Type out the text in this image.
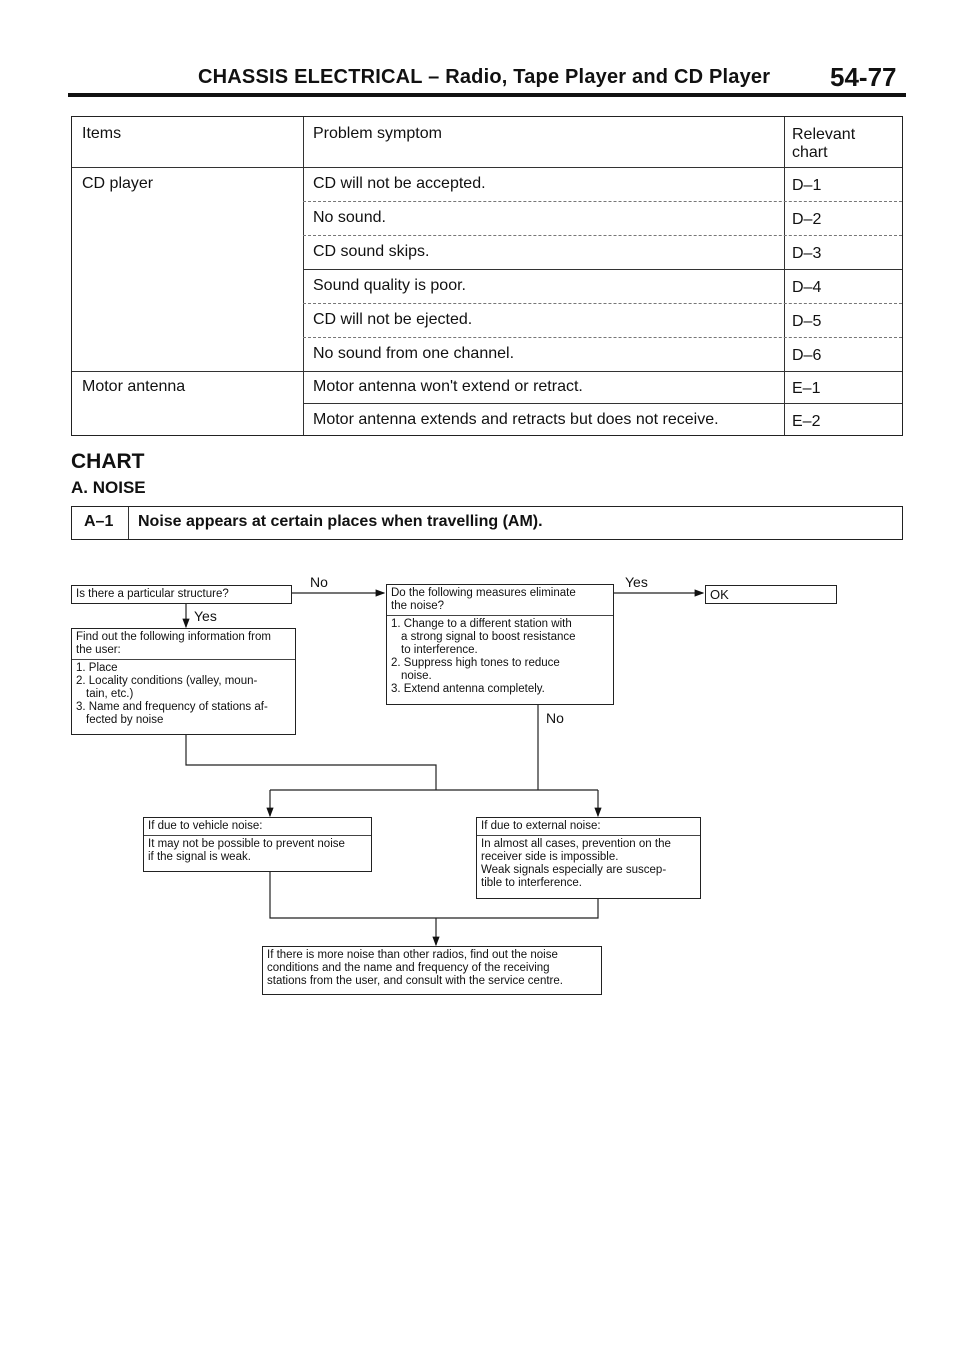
CHASSIS ELECTRICAL – Radio, Tape Player and CD Player 54-77
Items	Problem symptom	Relevant
chart
CD player	CD will not be accepted.	D–1
No sound.	D–2
CD sound skips.	D–3
Sound quality is poor.	D–4
CD will not be ejected.	D–5
No sound from one channel.	D–6
Motor antenna	Motor antenna won't extend or retract.	E–1
Motor antenna extends and retracts but does not receive.	E–2
CHART
A. NOISE
A–1 Noise appears at certain places when travelling (AM).
Is there a particular structure?
No
Yes
Find out the following information from
the user:
1. Place
2. Locality conditions (valley, moun-
tain, etc.)
3. Name and frequency of stations af-
fected by noise
Do the following measures eliminate
the noise?
1. Change to a different station with
a strong signal to boost resistance
to interference.
2. Suppress high tones to reduce
noise.
3. Extend antenna completely.
Yes
OK
No
If due to vehicle noise:
It may not be possible to prevent noise
if the signal is weak.
If due to external noise:
In almost all cases, prevention on the
receiver side is impossible.
Weak signals especially are suscep-
tible to interference.
If there is more noise than other radios, find out the noise
conditions and the name and frequency of the receiving
stations from the user, and consult with the service centre.
